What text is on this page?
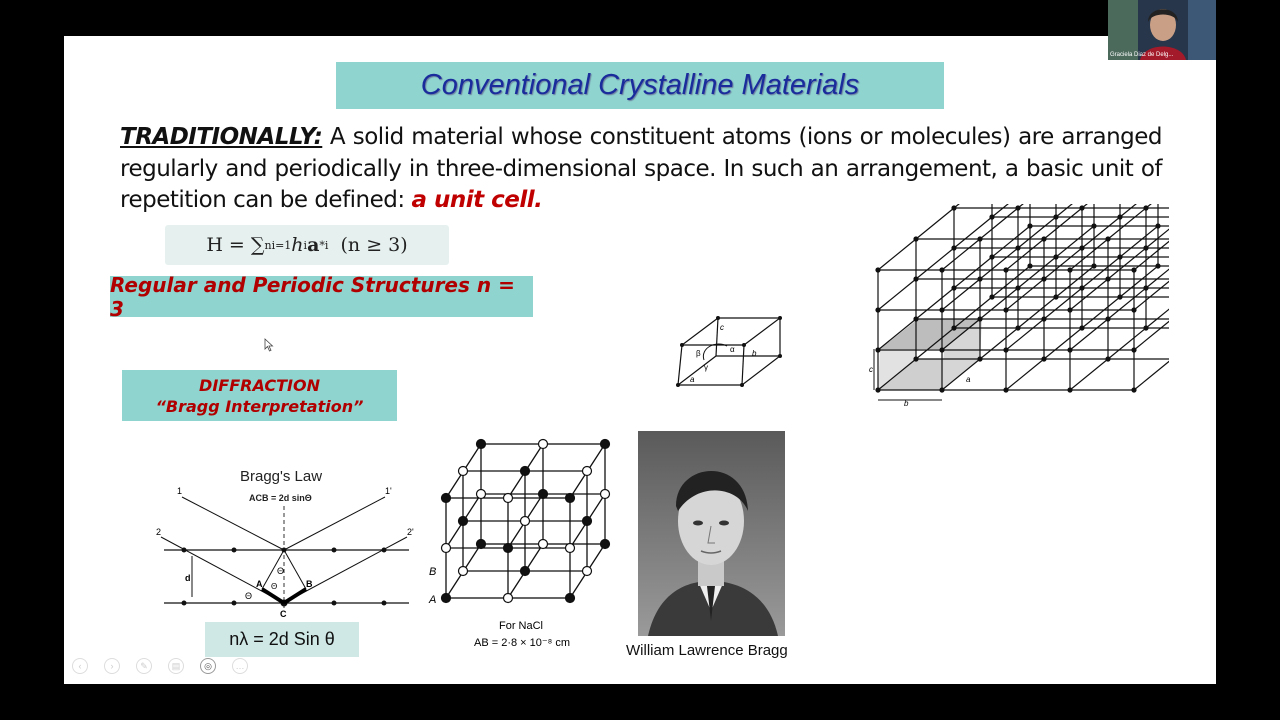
Conventional Crystalline Materials
TRADITIONALLY: A solid material whose constituent atoms (ions or molecules) are arranged regularly and periodically in three-dimensional space. In such an arrangement, a basic unit of repetition can be defined: a unit cell.
H = ∑ n i=1 h i a * i
(n ≥ 3)
Regular and Periodic Structures n = 3
DIFFRACTION
“Bragg Interpretation”
Bragg's Law
ACB = 2d sinΘ
1	1'
2	2'
A	B
C
d
Θ
Θ
Θ
nλ = 2d Sin θ
A
B
For NaCl
AB = 2·8 × 10⁻⁸ cm	William Lawrence Bragg
c
a
b
α
β
γ	c
b
a
‹	›	✎	▤	◎	…
Graciela Diaz de Delg...
